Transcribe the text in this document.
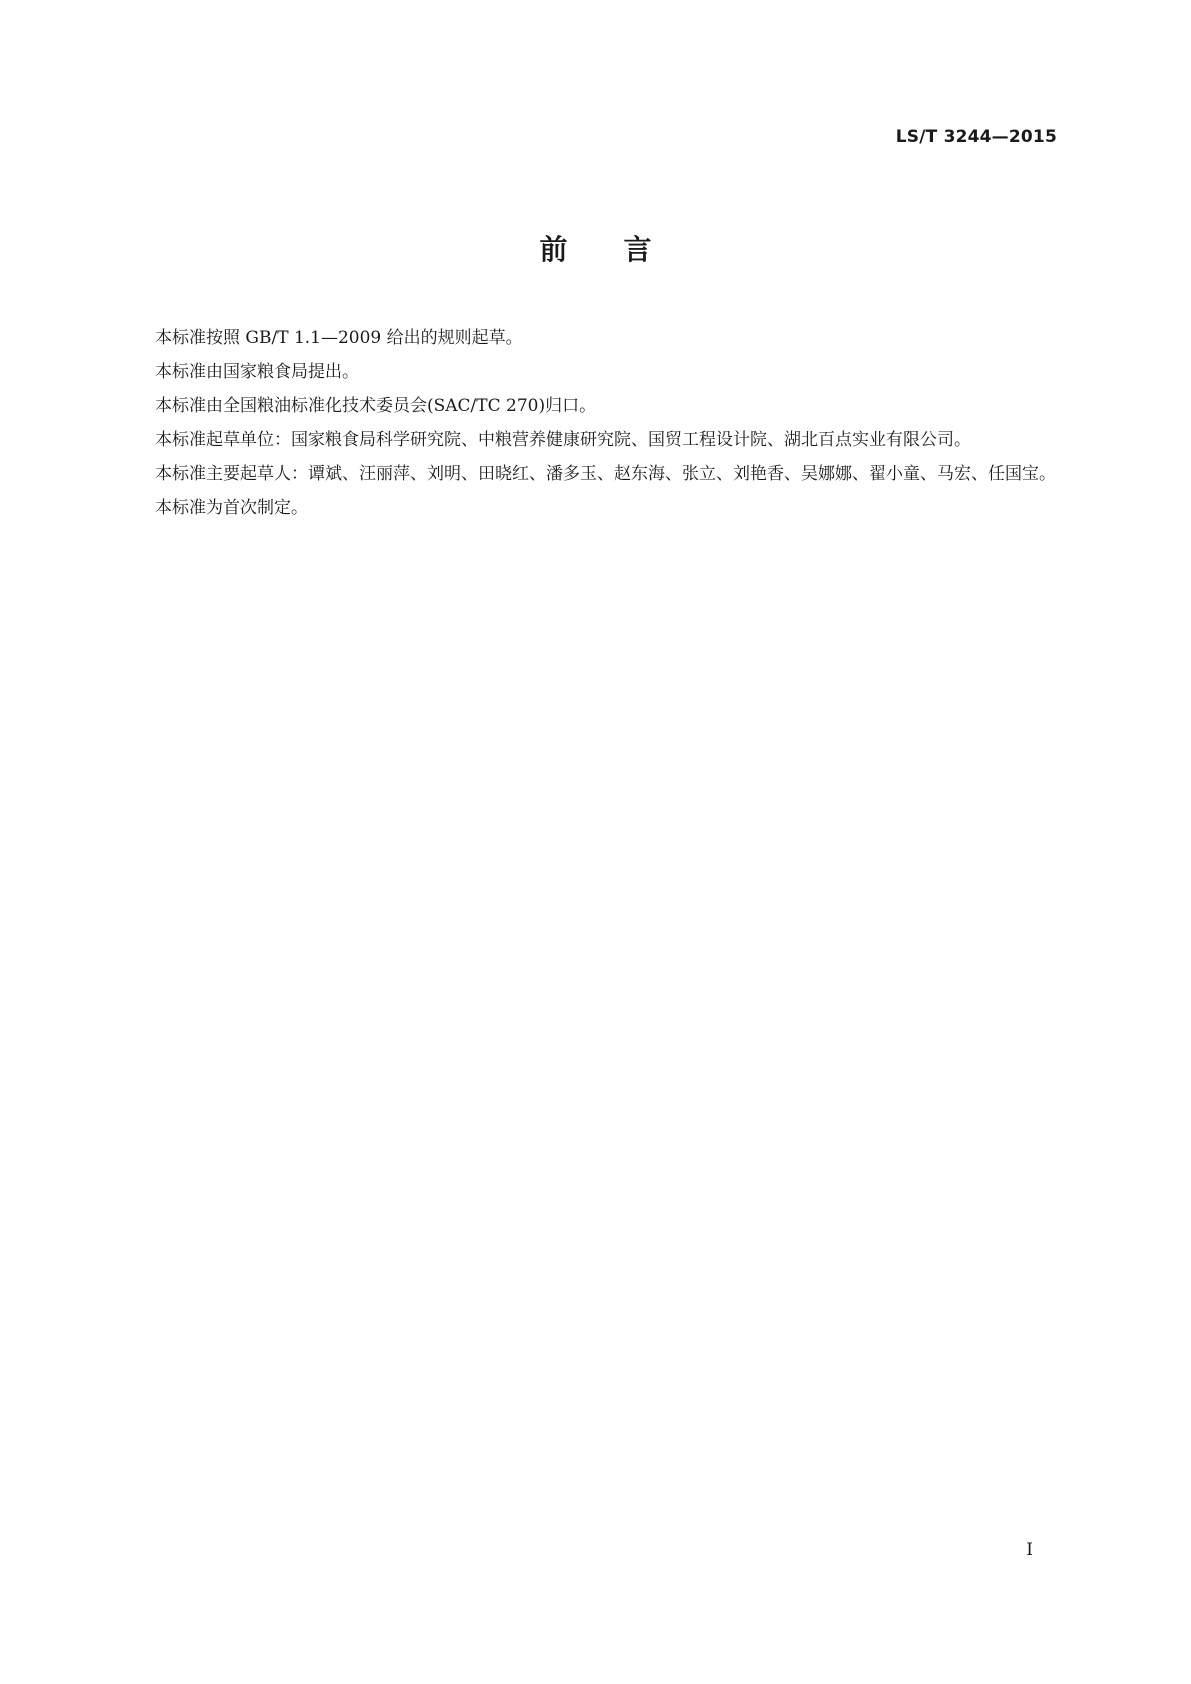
LS/T 3244—2015
前言

本标准按照 GB/T 1.1—2009 给出的规则起草。

本标准由国家粮食局提出。

本标准由全国粮油标准化技术委员会(SAC/TC 270)归口。

本标准起草单位：国家粮食局科学研究院、中粮营养健康研究院、国贸工程设计院、湖北百点实业有限公司。

本标准主要起草人：谭斌、汪丽萍、刘明、田晓红、潘多玉、赵东海、张立、刘艳香、吴娜娜、翟小童、马宏、任国宝。

本标准为首次制定。

I
